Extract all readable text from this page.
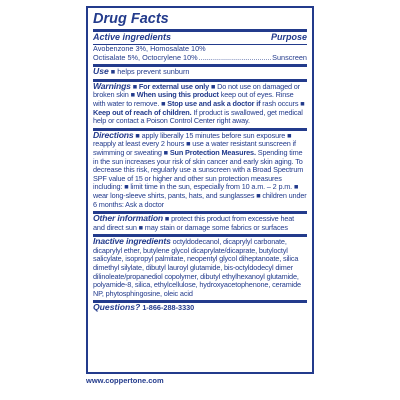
Drug Facts
Active ingredients	Purpose
Avobenzone 3%, Homosalate 10%
Octisalate 5%, Octocrylene 10%
.....	Sunscreen

Use ■ helps prevent sunburn

Warnings ■ For external use only ■ Do not use on damaged or broken skin ■ When using this product keep out of eyes. Rinse with water to remove. ■ Stop use and ask a doctor if rash occurs ■ Keep out of reach of children. If product is swallowed, get medical help or contact a Poison Control Center right away.

Directions ■ apply liberally 15 minutes before sun exposure ■ reapply at least every 2 hours ■ use a water resistant sunscreen if swimming or sweating ■ Sun Protection Measures. Spending time in the sun increases your risk of skin cancer and early skin aging. To decrease this risk, regularly use a sunscreen with a Broad Spectrum SPF value of 15 or higher and other sun protection measures including: ■ limit time in the sun, especially from 10 a.m. – 2 p.m. ■ wear long-sleeve shirts, pants, hats, and sunglasses ■ children under 6 months: Ask a doctor

Other information ■ protect this product from excessive heat and direct sun ■ may stain or damage some fabrics or surfaces

Inactive ingredients octyldodecanol, dicaprylyl carbonate, dicaprylyl ether, butylene glycol dicaprylate/dicaprate, butyloctyl salicylate, isopropyl palmitate, neopentyl glycol diheptanoate, silica dimethyl silylate, dibutyl lauroyl glutamide, bis-octyldodecyl dimer dilinoleate/propanediol copolymer, dibutyl ethylhexanoyl glutamide, polyamide-8, silica, ethylcellulose, hydroxyacetophenone, ceramide NP, phytosphingosine, oleic acid

Questions? 1-866-288-3330

www.coppertone.com
